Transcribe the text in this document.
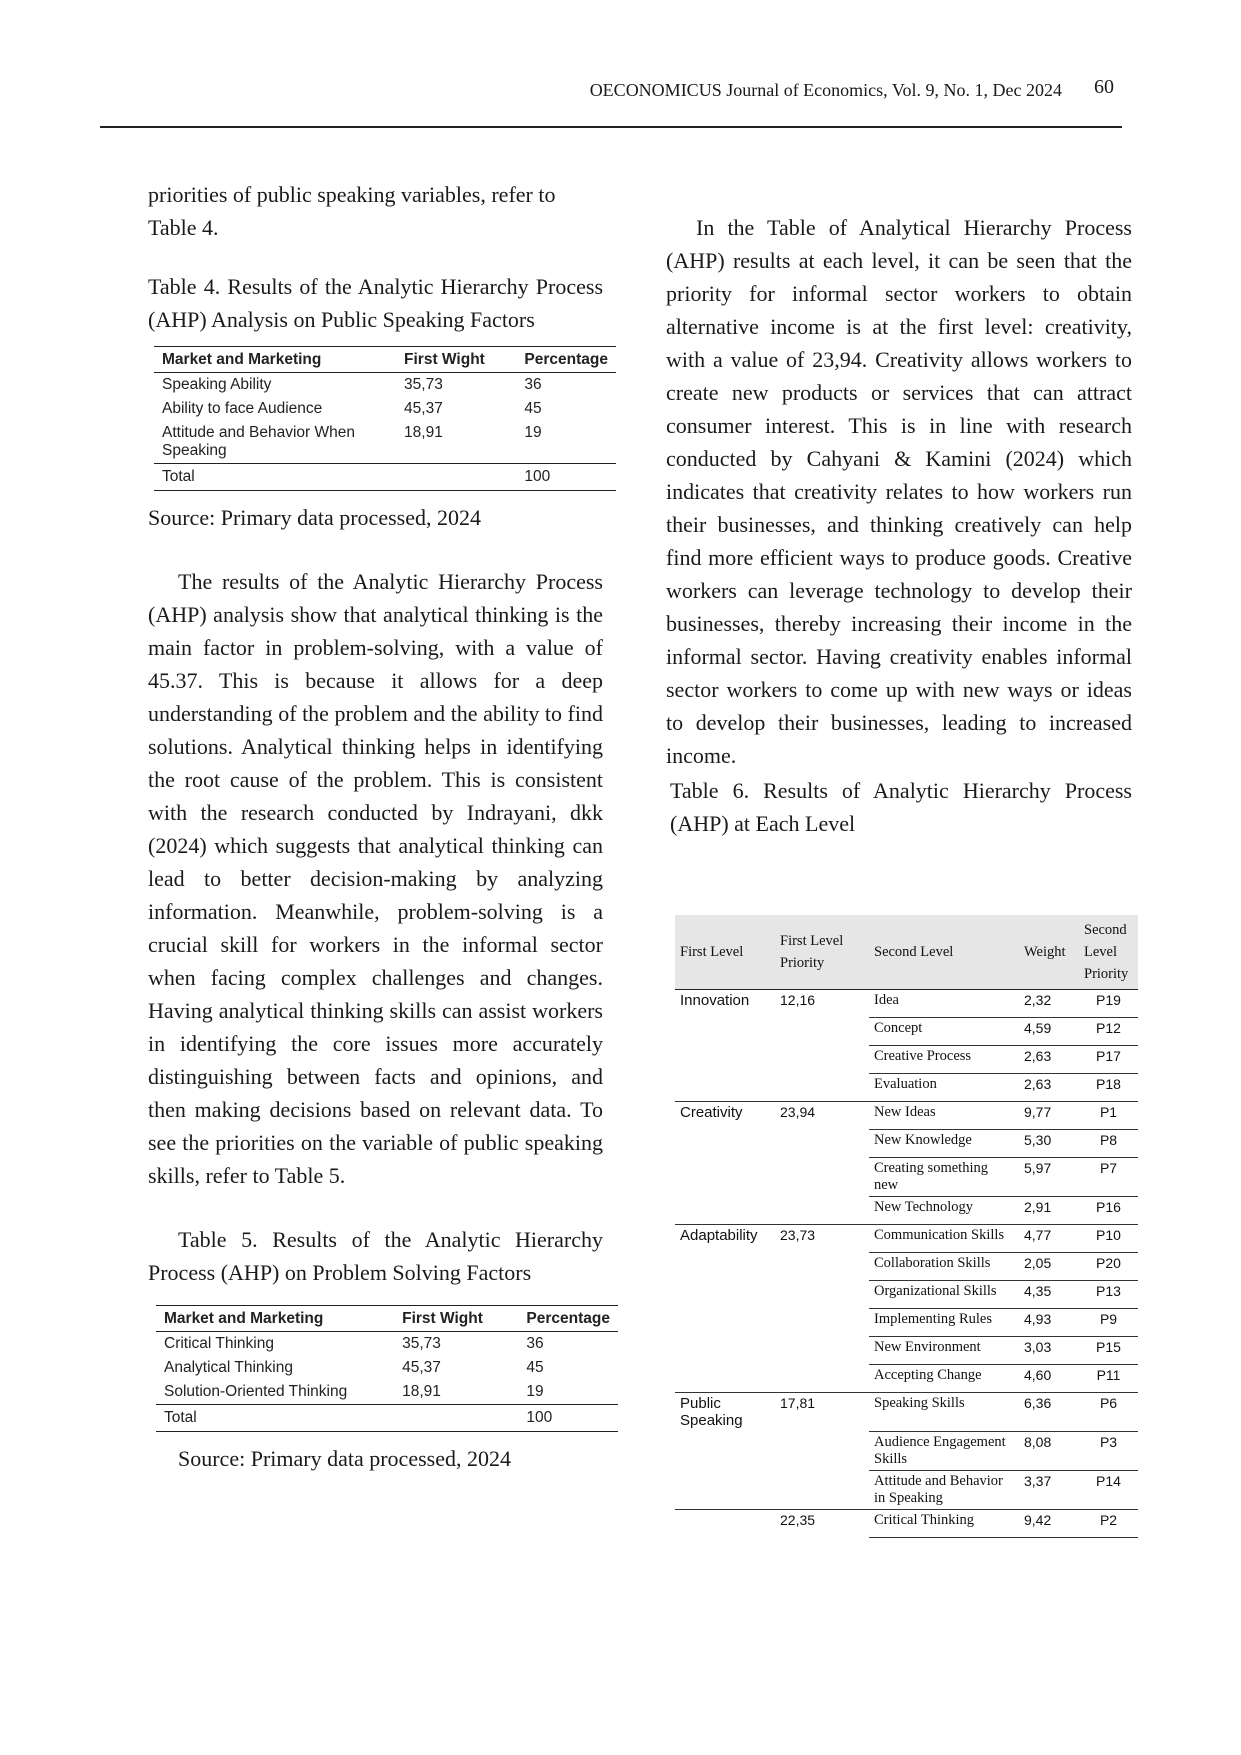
OECONOMICUS Journal of Economics, Vol. 9, No. 1, Dec 2024 60

priorities of public speaking variables, refer to Table 4.

Table 4. Results of the Analytic Hierarchy Process (AHP) Analysis on Public Speaking Factors

Market and Marketing	First Wight	Percentage
Speaking Ability	35,73	36
Ability to face Audience	45,37	45
Attitude and Behavior When Speaking	18,91	19
Total		100

Source: Primary data processed, 2024

The results of the Analytic Hierarchy Process (AHP) analysis show that analytical thinking is the main factor in problem-solving, with a value of 45.37. This is because it allows for a deep understanding of the problem and the ability to find solutions. Analytical thinking helps in identifying the root cause of the problem. This is consistent with the research conducted by Indrayani, dkk (2024) which suggests that analytical thinking can lead to better decision-making by analyzing information. Meanwhile, problem-solving is a crucial skill for workers in the informal sector when facing complex challenges and changes. Having analytical thinking skills can assist workers in identifying the core issues more accurately distinguishing between facts and opinions, and then making decisions based on relevant data. To see the priorities on the variable of public speaking skills, refer to Table 5.

Table 5. Results of the Analytic Hierarchy Process (AHP) on Problem Solving Factors

Market and Marketing	First Wight	Percentage
Critical Thinking	35,73	36
Analytical Thinking	45,37	45
Solution-Oriented Thinking	18,91	19
Total		100

Source: Primary data processed, 2024

In the Table of Analytical Hierarchy Process (AHP) results at each level, it can be seen that the priority for informal sector workers to obtain alternative income is at the first level: creativity, with a value of 23,94. Creativity allows workers to create new products or services that can attract consumer interest. This is in line with research conducted by Cahyani & Kamini (2024) which indicates that creativity relates to how workers run their businesses, and thinking creatively can help find more efficient ways to produce goods. Creative workers can leverage technology to develop their businesses, thereby increasing their income in the informal sector. Having creativity enables informal sector workers to come up with new ways or ideas to develop their businesses, leading to increased income.

Table 6. Results of Analytic Hierarchy Process (AHP) at Each Level

First Level	First Level Priority	Second Level	Weight	Second Level Priority
Innovation	12,16	Idea	2,32	P19
		Concept	4,59	P12
		Creative Process	2,63	P17
		Evaluation	2,63	P18
Creativity	23,94	New Ideas	9,77	P1
		New Knowledge	5,30	P8
		Creating something new	5,97	P7
		New Technology	2,91	P16
Adaptability	23,73	Communication Skills	4,77	P10
		Collaboration Skills	2,05	P20
		Organizational Skills	4,35	P13
		Implementing Rules	4,93	P9
		New Environment	3,03	P15
		Accepting Change	4,60	P11
Public Speaking	17,81	Speaking Skills	6,36	P6
		Audience Engagement Skills	8,08	P3
		Attitude and Behavior in Speaking	3,37	P14
	22,35	Critical Thinking	9,42	P2
